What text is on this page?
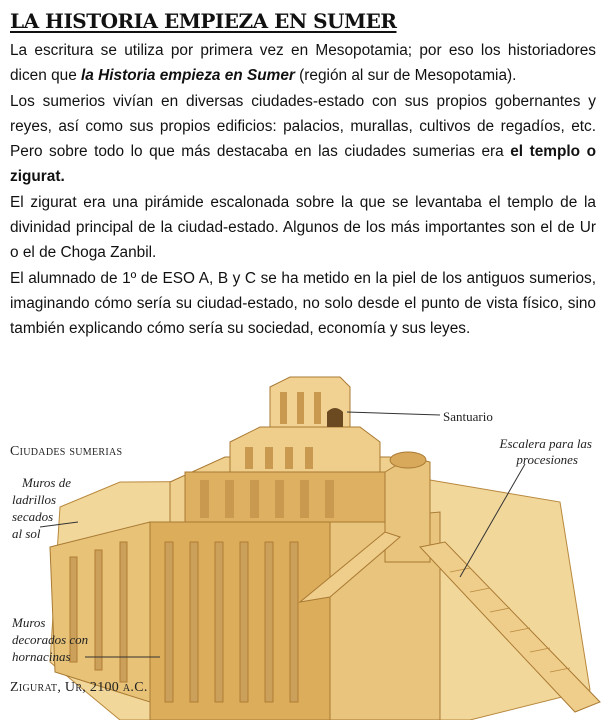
LA HISTORIA EMPIEZA EN SUMER

La escritura se utiliza por primera vez en Mesopotamia; por eso los historiadores dicen que la Historia empieza en Sumer (región al sur de Mesopotamia).

Los sumerios vivían en diversas ciudades-estado con sus propios gobernantes y reyes, así como sus propios edificios: palacios, murallas, cultivos de regadíos, etc. Pero sobre todo lo que más destacaba en las ciudades sumerias era el templo o zigurat.

El zigurat era una pirámide escalonada sobre la que se levantaba el templo de la divinidad principal de la ciudad-estado. Algunos de los más importantes son el de Ur o el de Choga Zanbil.

El alumnado de 1º de ESO A, B y C se ha metido en la piel de los antiguos sumerios, imaginando cómo sería su ciudad-estado, no solo desde el punto de vista físico, sino también explicando cómo sería su sociedad, economía y sus leyes.

Ciudades sumerias
Santuario
Escalera para las
procesiones
Muros de
ladrillos
secados
al sol
Muros
decorados con
hornacinas
Zigurat, Ur, 2100 a.C.
